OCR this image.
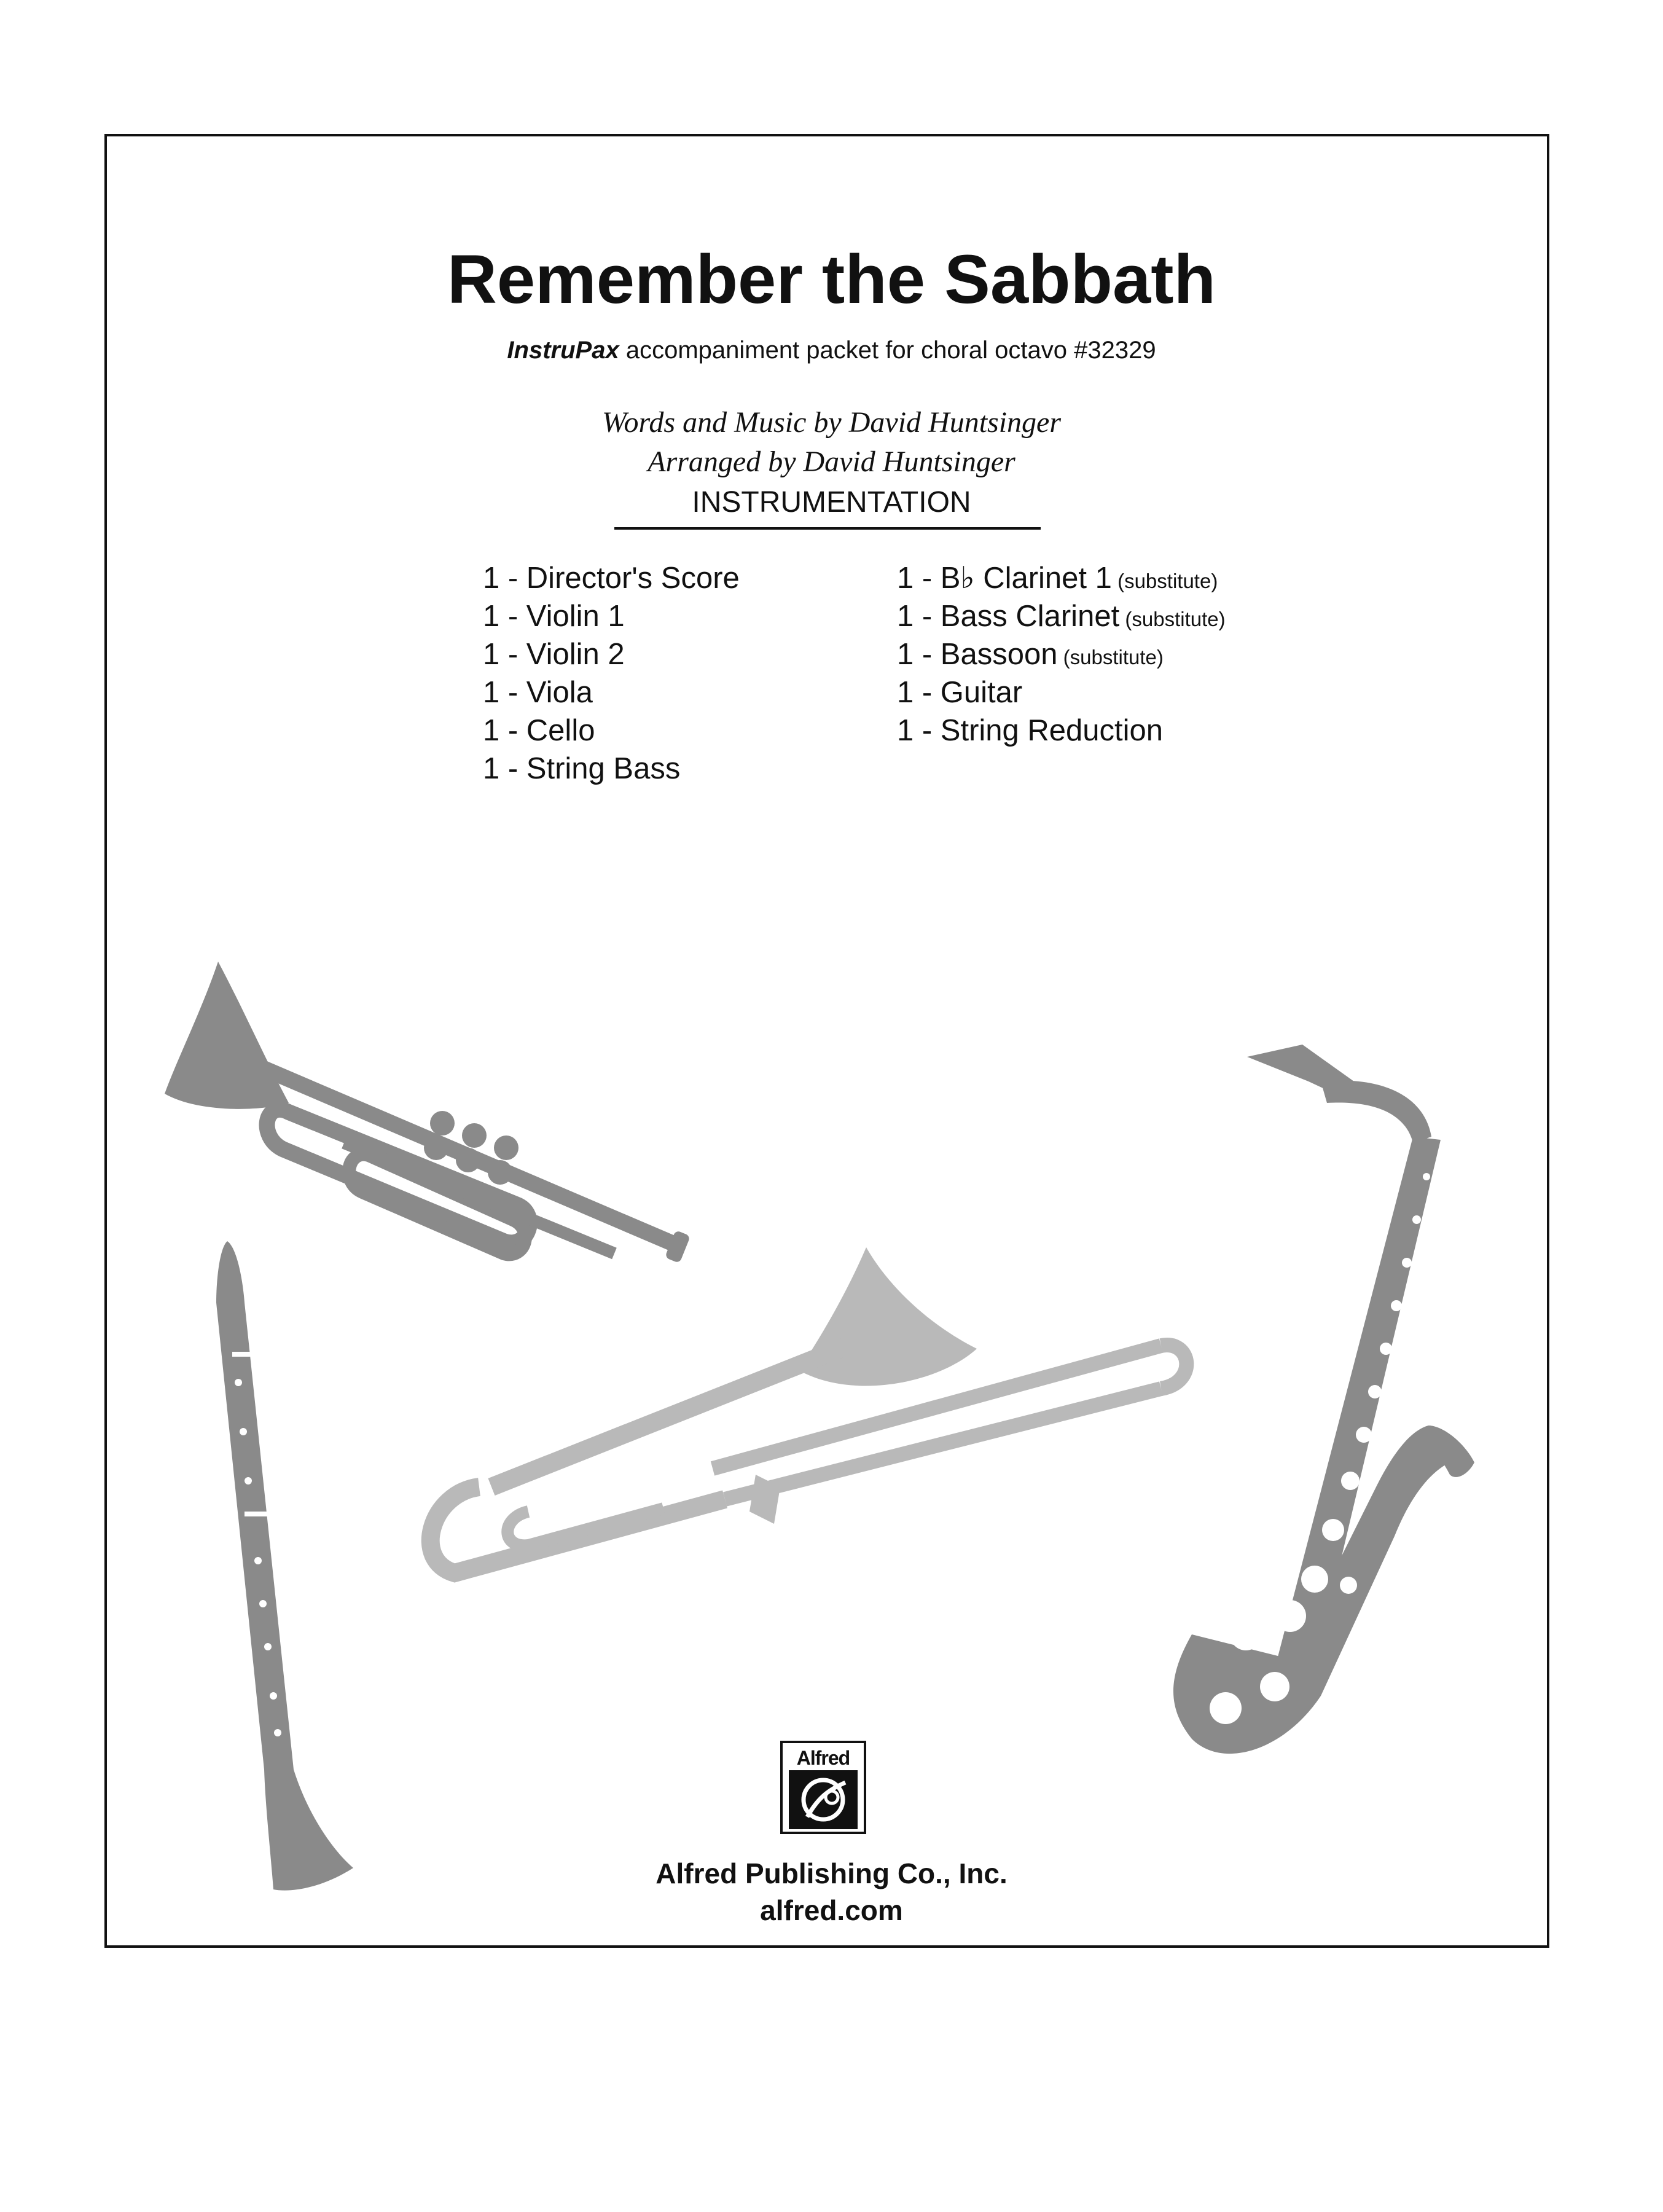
Remember the Sabbath
InstruPax accompaniment packet for choral octavo #32329
Words and Music by David Huntsinger
Arranged by David Huntsinger
INSTRUMENTATION
1 - Director's Score
1 - Violin 1
1 - Violin 2
1 - Viola
1 - Cello
1 - String Bass
1 - B♭ Clarinet 1 (substitute)
1 - Bass Clarinet (substitute)
1 - Bassoon (substitute)
1 - Guitar
1 - String Reduction
Alfred
Alfred Publishing Co., Inc.
alfred.com
